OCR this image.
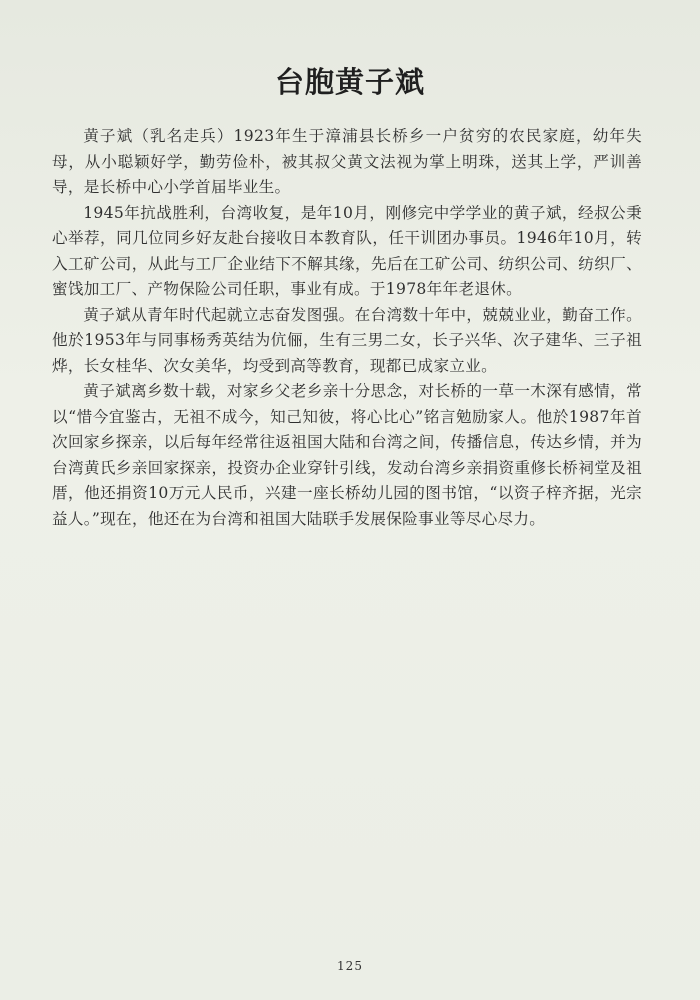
台胞黄子斌

黄子斌（乳名走兵）1923年生于漳浦县长桥乡一户贫穷的农民家庭，幼年失母，从小聪颖好学，勤劳俭朴，被其叔父黄文法视为掌上明珠，送其上学，严训善导，是长桥中心小学首届毕业生。

1945年抗战胜利，台湾收复，是年10月，刚修完中学学业的黄子斌，经叔公秉心举荐，同几位同乡好友赴台接收日本教育队，任干训团办事员。1946年10月，转入工矿公司，从此与工厂企业结下不解其缘，先后在工矿公司、纺织公司、纺织厂、蜜饯加工厂、产物保险公司任职，事业有成。于1978年年老退休。

黄子斌从青年时代起就立志奋发图强。在台湾数十年中，兢兢业业，勤奋工作。他於1953年与同事杨秀英结为伉俪，生有三男二女，长子兴华、次子建华、三子祖烨，长女桂华、次女美华，均受到高等教育，现都已成家立业。

黄子斌离乡数十载，对家乡父老乡亲十分思念，对长桥的一草一木深有感情，常以“惜今宜鉴古，无祖不成今，知己知彼，将心比心”铭言勉励家人。他於1987年首次回家乡探亲，以后每年经常往返祖国大陆和台湾之间，传播信息，传达乡情，并为台湾黄氏乡亲回家探亲，投资办企业穿针引线，发动台湾乡亲捐资重修长桥祠堂及祖厝，他还捐资10万元人民币，兴建一座长桥幼儿园的图书馆，“以资子梓齐据，光宗益人。”现在，他还在为台湾和祖国大陆联手发展保险事业等尽心尽力。

125
